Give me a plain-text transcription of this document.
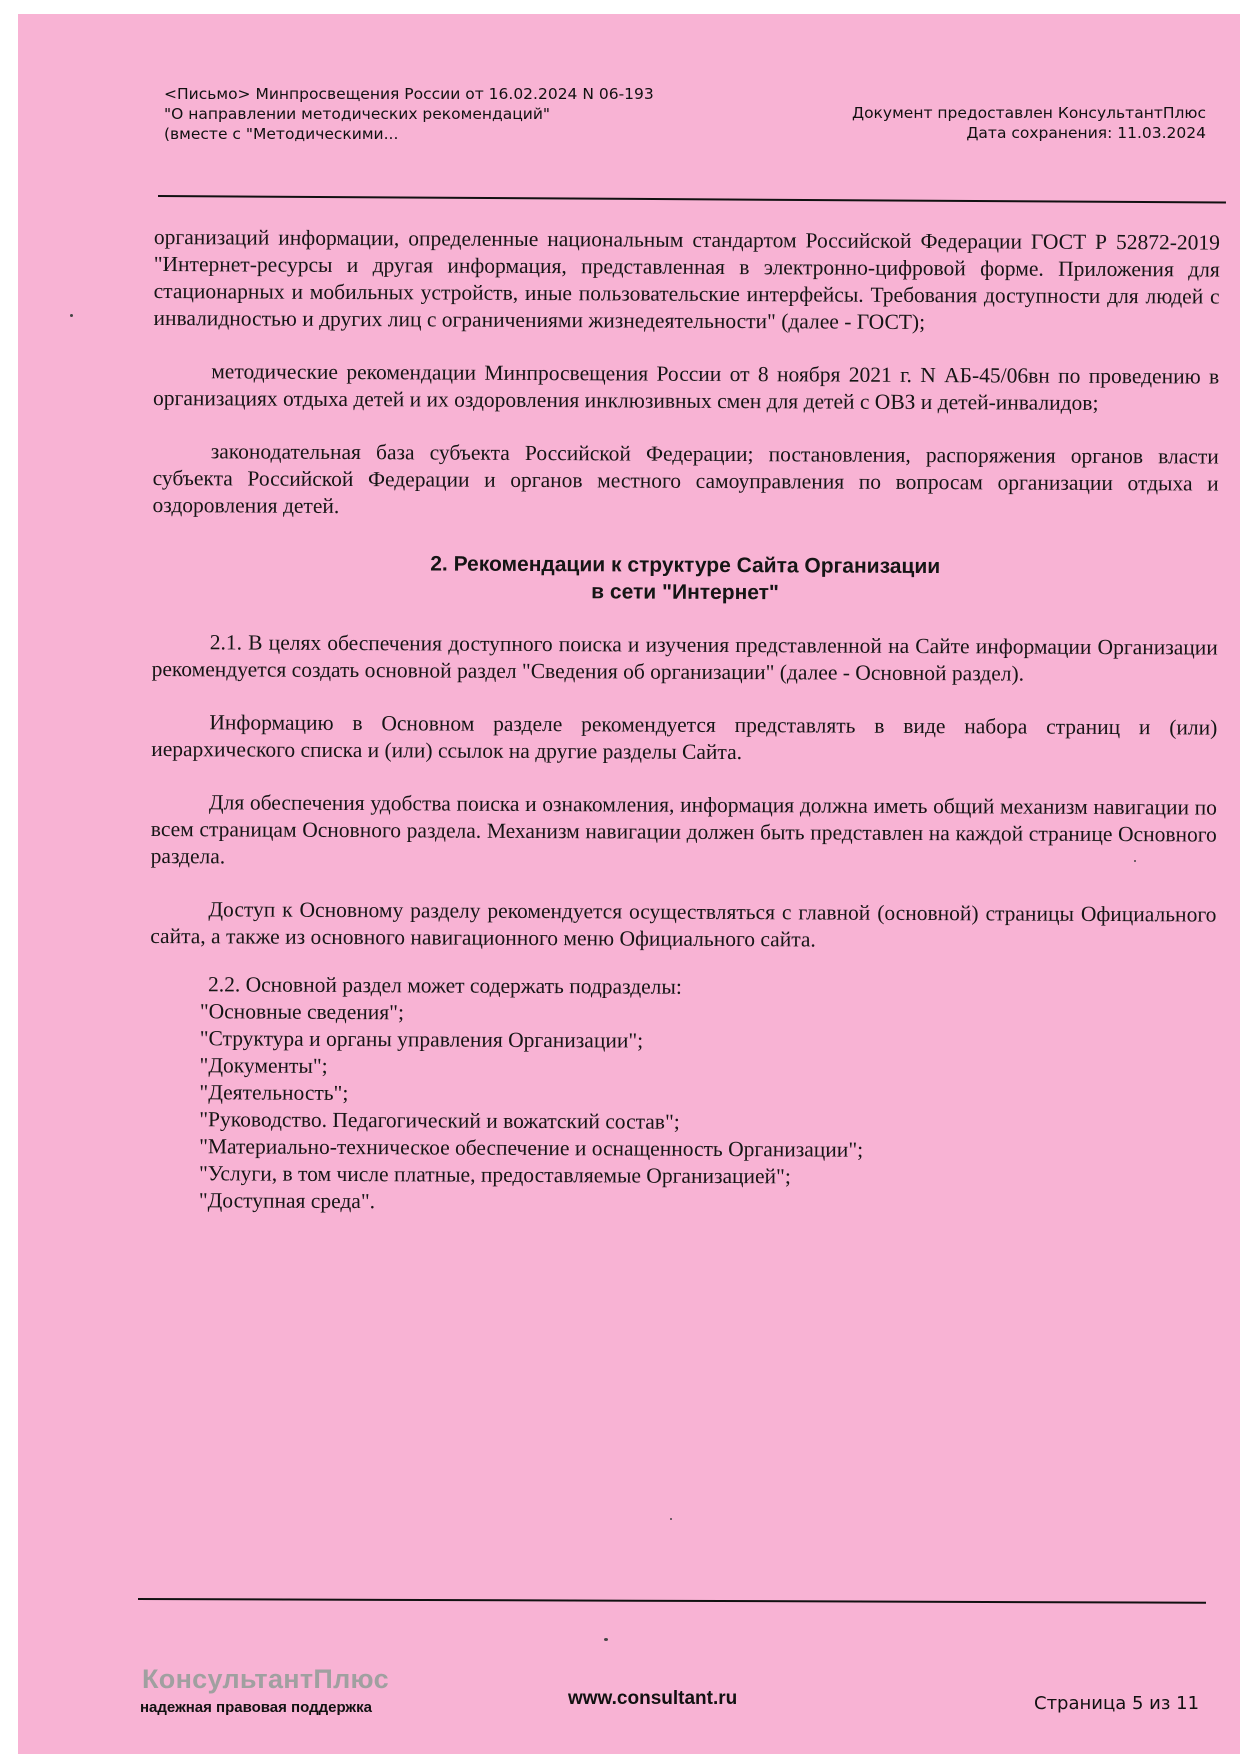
<Письмо> Минпросвещения России от 16.02.2024 N 06-193
"О направлении методических рекомендаций"
(вместе с "Методическими...
Документ предоставлен КонсультантПлюс
Дата сохранения: 11.03.2024

организаций информации, определенные национальным стандартом Российской Федерации ГОСТ Р 52872-2019 "Интернет-ресурсы и другая информация, представленная в электронно-цифровой форме. Приложения для стационарных и мобильных устройств, иные пользовательские интерфейсы. Требования доступности для людей с инвалидностью и других лиц с ограничениями жизнедеятельности" (далее - ГОСТ);

методические рекомендации Минпросвещения России от 8 ноября 2021 г. N АБ-45/06вн по проведению в организациях отдыха детей и их оздоровления инклюзивных смен для детей с ОВЗ и детей-инвалидов;

законодательная база субъекта Российской Федерации; постановления, распоряжения органов власти субъекта Российской Федерации и органов местного самоуправления по вопросам организации отдыха и оздоровления детей.

2. Рекомендации к структуре Сайта Организации
в сети "Интернет"

2.1. В целях обеспечения доступного поиска и изучения представленной на Сайте информации Организации рекомендуется создать основной раздел "Сведения об организации" (далее - Основной раздел).

Информацию в Основном разделе рекомендуется представлять в виде набора страниц и (или) иерархического списка и (или) ссылок на другие разделы Сайта.

Для обеспечения удобства поиска и ознакомления, информация должна иметь общий механизм навигации по всем страницам Основного раздела. Механизм навигации должен быть представлен на каждой странице Основного раздела.

Доступ к Основному разделу рекомендуется осуществляться с главной (основной) страницы Официального сайта, а также из основного навигационного меню Официального сайта.

2.2. Основной раздел может содержать подразделы:

"Основные сведения";

"Структура и органы управления Организации";

"Документы";

"Деятельность";

"Руководство. Педагогический и вожатский состав";

"Материально-техническое обеспечение и оснащенность Организации";

"Услуги, в том числе платные, предоставляемые Организацией";

"Доступная среда".

КонсультантПлюс
надежная правовая поддержка	www.consultant.ru	Страница 5 из 11
